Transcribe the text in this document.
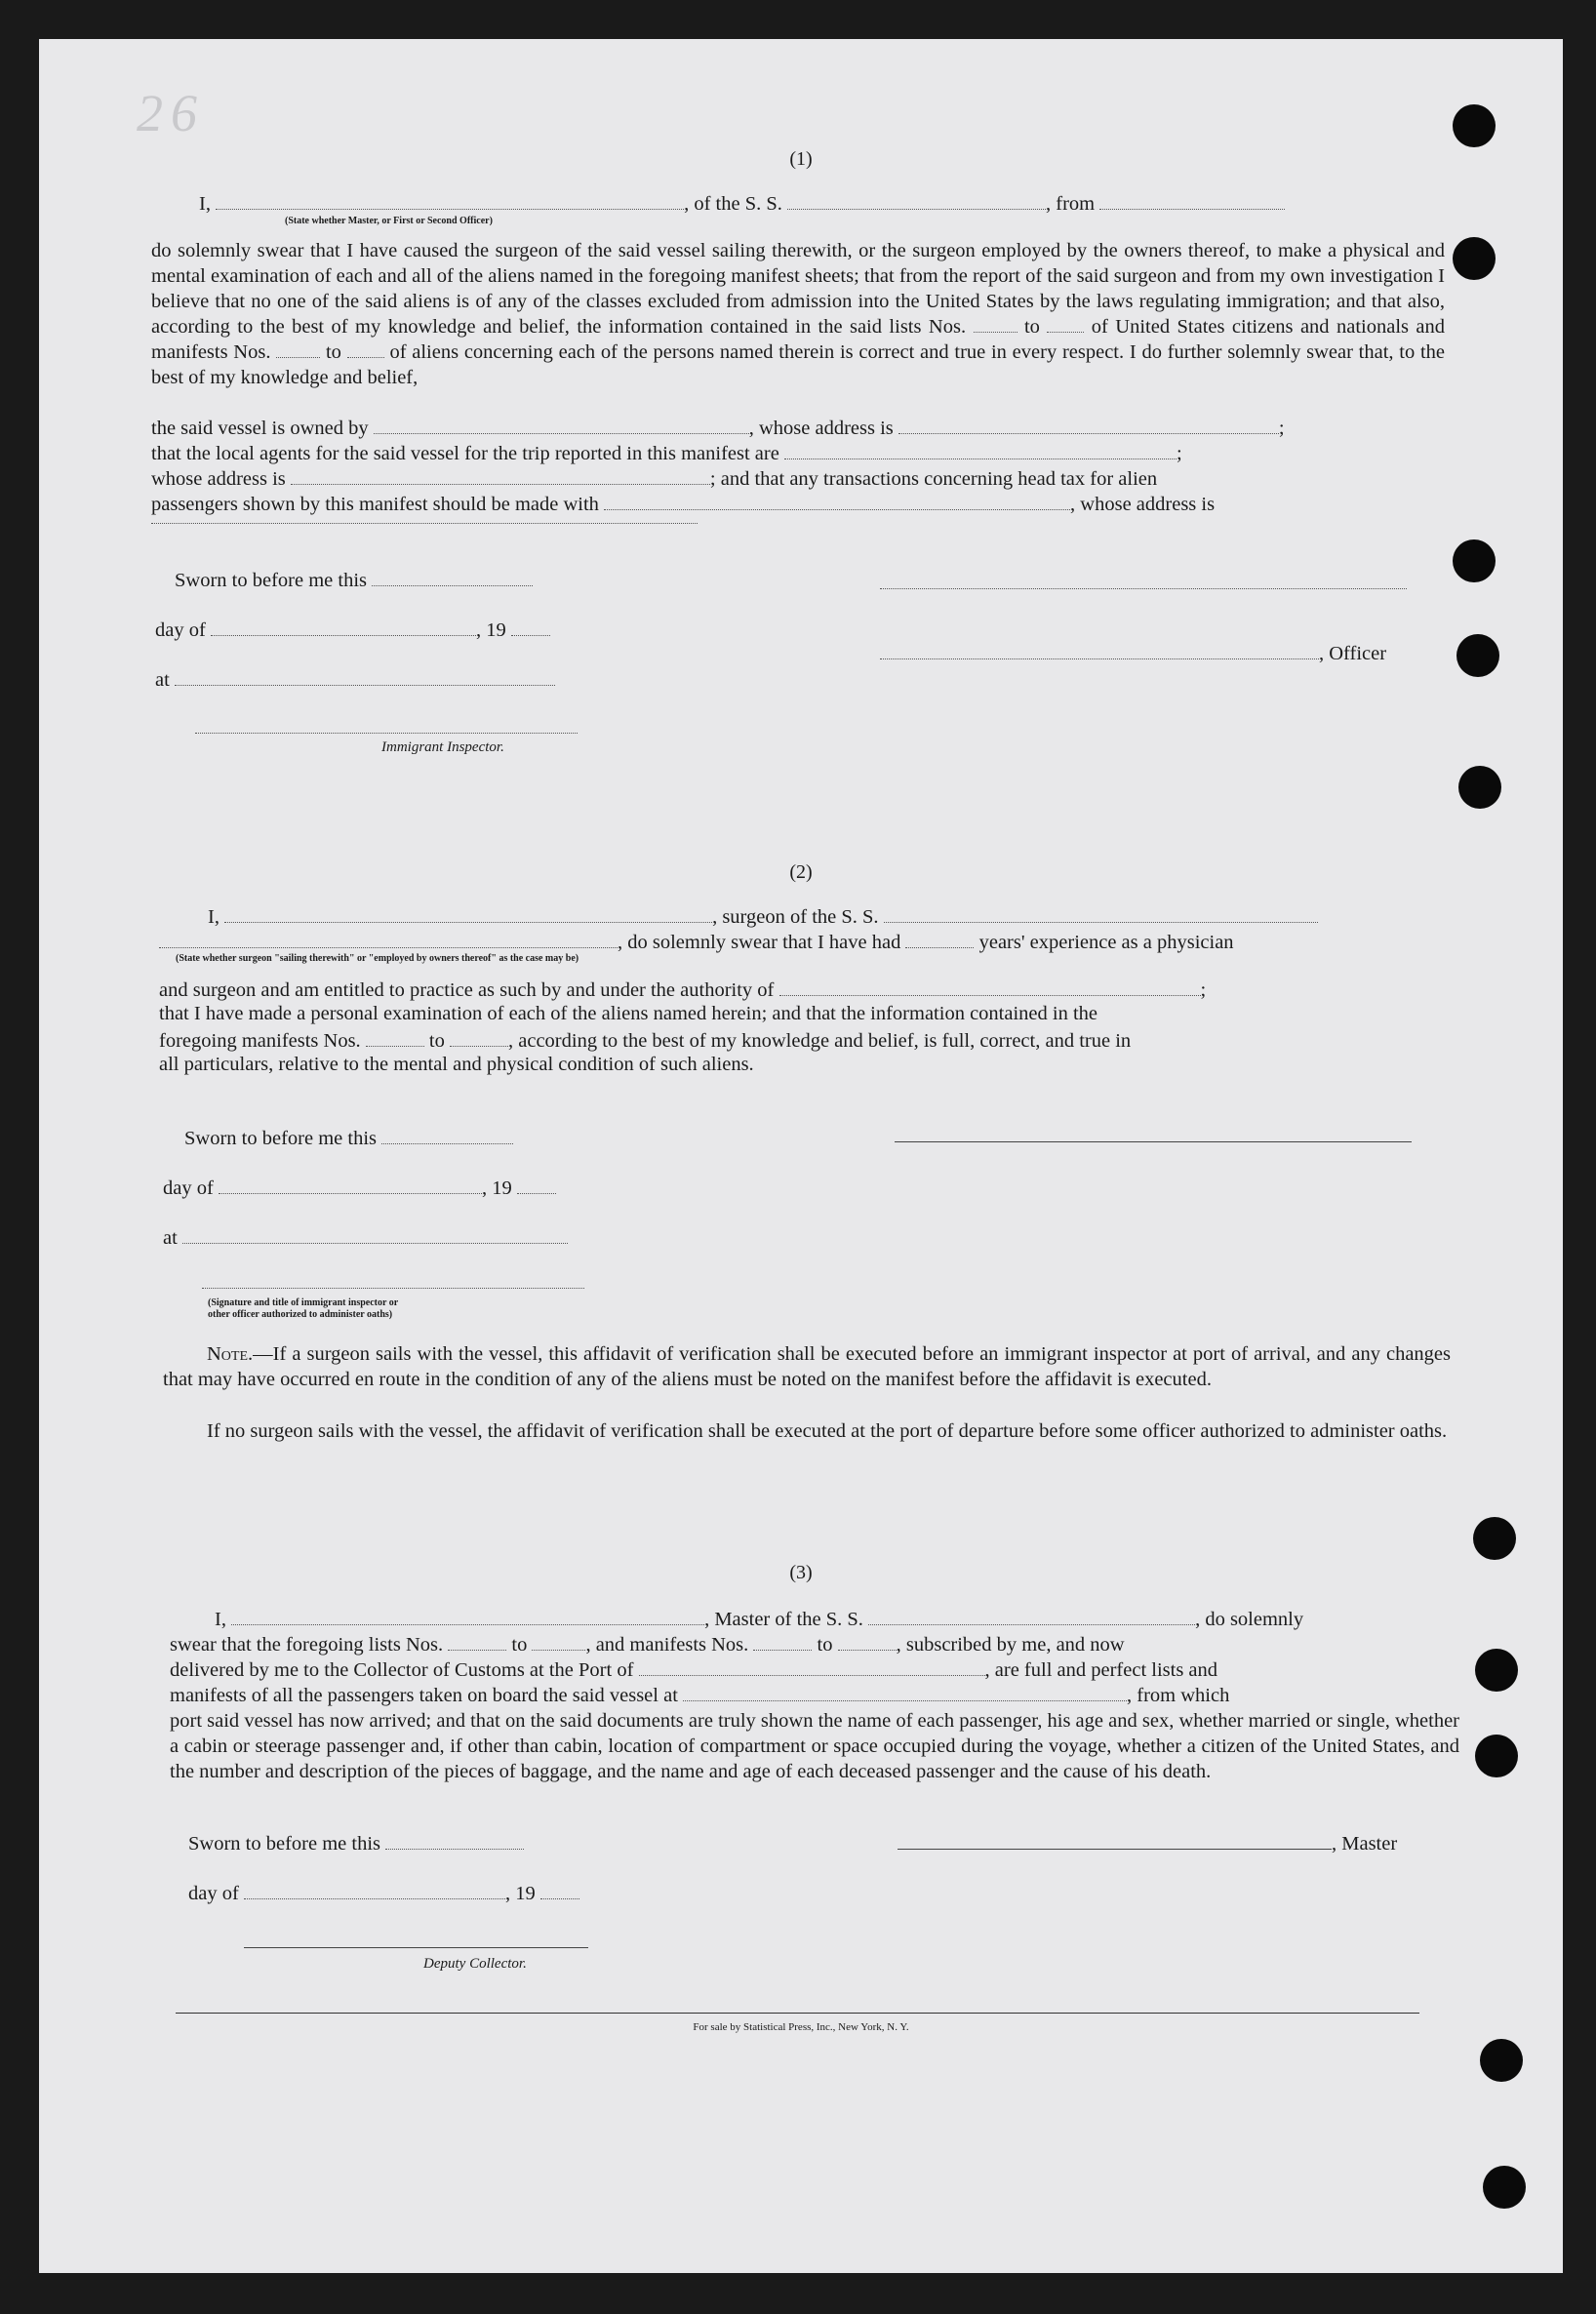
26
(1)
I,	, of the S. S.	, from
(State whether Master, or First or Second Officer)
do solemnly swear that I have caused the surgeon of the said vessel sailing therewith, or the surgeon employed by the owners thereof, to make a physical and mental examination of each and all of the aliens named in the foregoing manifest sheets; that from the report of the said surgeon and from my own investigation I believe that no one of the said aliens is of any of the classes excluded from admission into the United States by the laws regulating immigration; and that also, according to the best of my knowledge and belief, the information contained in the said lists Nos.	to	of United States citizens and nationals and manifests Nos.	to of aliens concerning each of the persons named therein is correct and true in every respect. I do further solemnly swear that, to the best of my knowledge and belief,
the said vessel is owned by	, whose address is	;
that the local agents for the said vessel for the trip reported in this manifest are	;
whose address is	; and that any transactions concerning head tax for alien
passengers shown by this manifest should be made with	, whose address is
Sworn to before me this
day of	, 19
, Officer
at
Immigrant Inspector.
(2)
I,	, surgeon of the S. S.
, do solemnly swear that I have had	years' experience as a physician
(State whether surgeon "sailing therewith" or "employed by owners thereof" as the case may be)
and surgeon and am entitled to practice as such by and under the authority of	;
that I have made a personal examination of each of the aliens named herein; and that the information contained in the
foregoing manifests Nos.	to	, according to the best of my knowledge and belief, is full, correct, and true in
all particulars, relative to the mental and physical condition of such aliens.
Sworn to before me this
day of	, 19
at
(Signature and title of immigrant inspector or
other officer authorized to administer oaths)
Note.—If a surgeon sails with the vessel, this affidavit of verification shall be executed before an immigrant inspector at port of arrival, and any changes that may have occurred en route in the condition of any of the aliens must be noted on the manifest before the affidavit is executed.
If no surgeon sails with the vessel, the affidavit of verification shall be executed at the port of departure before some officer authorized to administer oaths.
(3)
I,	, Master of the S. S.	, do solemnly
swear that the foregoing lists Nos.	to	, and manifests Nos.	to	, subscribed by me, and now
delivered by me to the Collector of Customs at the Port of	, are full and perfect lists and
manifests of all the passengers taken on board the said vessel at	, from which
port said vessel has now arrived; and that on the said documents are truly shown the name of each passenger, his age and sex, whether married or single, whether a cabin or steerage passenger and, if other than cabin, location of compartment or space occupied during the voyage, whether a citizen of the United States, and the number and description of the pieces of baggage, and the name and age of each deceased passenger and the cause of his death.
Sworn to before me this	, Master
day of	, 19
Deputy Collector.
For sale by Statistical Press, Inc., New York, N. Y.
